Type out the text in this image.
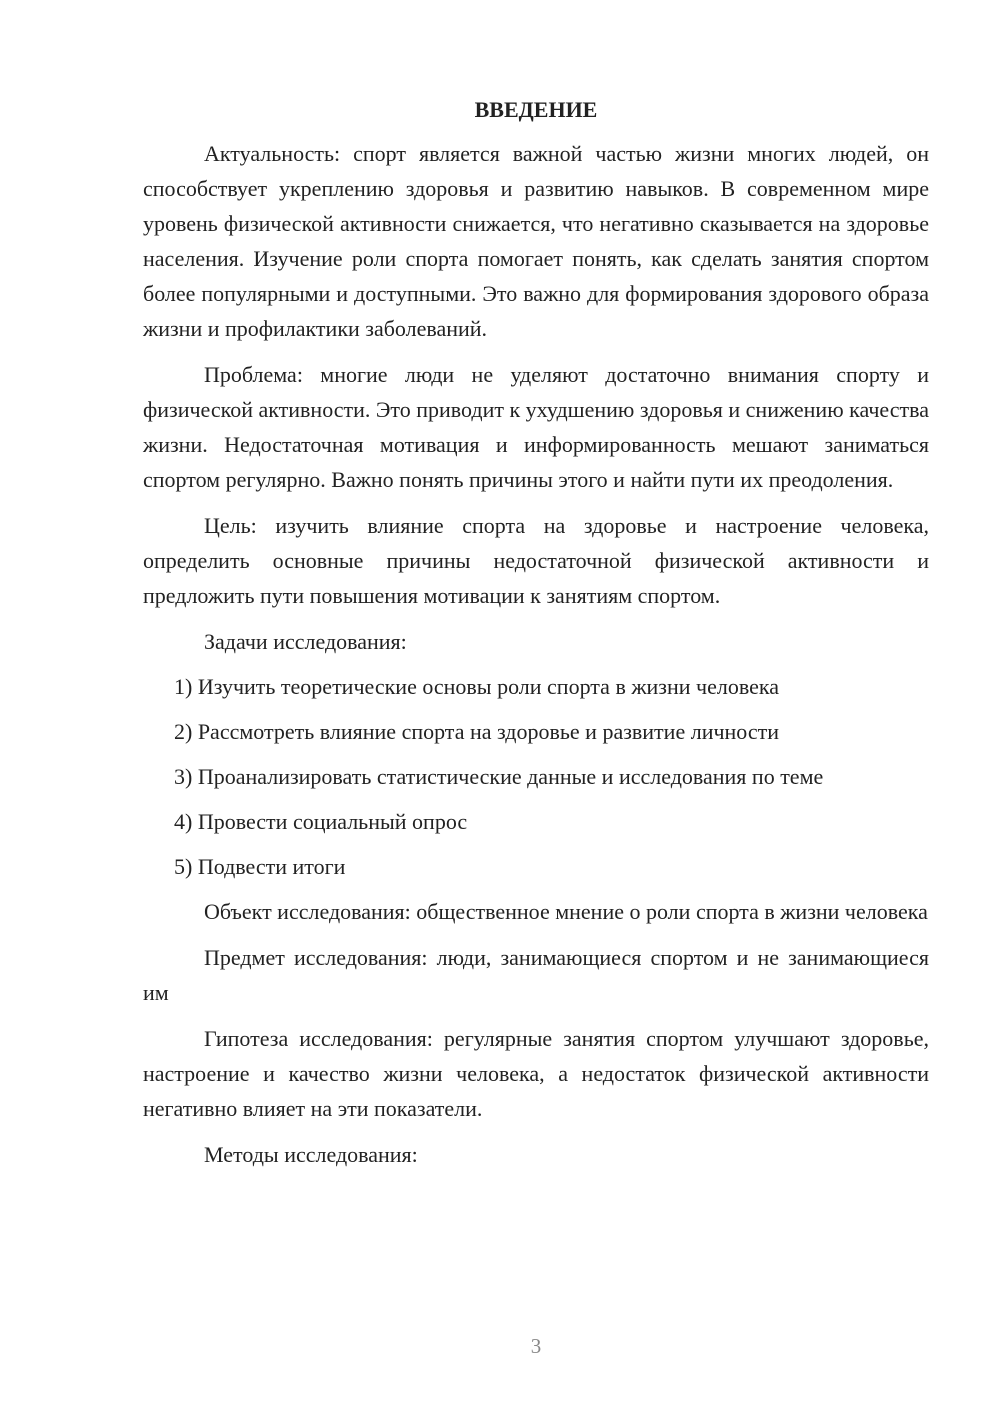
ВВЕДЕНИЕ

Актуальность: спорт является важной частью жизни многих людей, он способствует укреплению здоровья и развитию навыков. В современном мире уровень физической активности снижается, что негативно сказывается на здоровье населения. Изучение роли спорта помогает понять, как сделать занятия спортом более популярными и доступными. Это важно для формирования здорового образа жизни и профилактики заболеваний.

Проблема: многие люди не уделяют достаточно внимания спорту и физической активности. Это приводит к ухудшению здоровья и снижению качества жизни. Недостаточная мотивация и информированность мешают заниматься спортом регулярно. Важно понять причины этого и найти пути их преодоления.

Цель: изучить влияние спорта на здоровье и настроение человека, определить основные причины недостаточной физической активности и предложить пути повышения мотивации к занятиям спортом.

Задачи исследования:

1) Изучить теоретические основы роли спорта в жизни человека
2) Рассмотреть влияние спорта на здоровье и развитие личности
3) Проанализировать статистические данные и исследования по теме
4) Провести социальный опрос
5) Подвести итоги

Объект исследования: общественное мнение о роли спорта в жизни человека

Предмет исследования: люди, занимающиеся спортом и не занимающиеся им

Гипотеза исследования: регулярные занятия спортом улучшают здоровье, настроение и качество жизни человека, а недостаток физической активности негативно влияет на эти показатели.

Методы исследования:

3
